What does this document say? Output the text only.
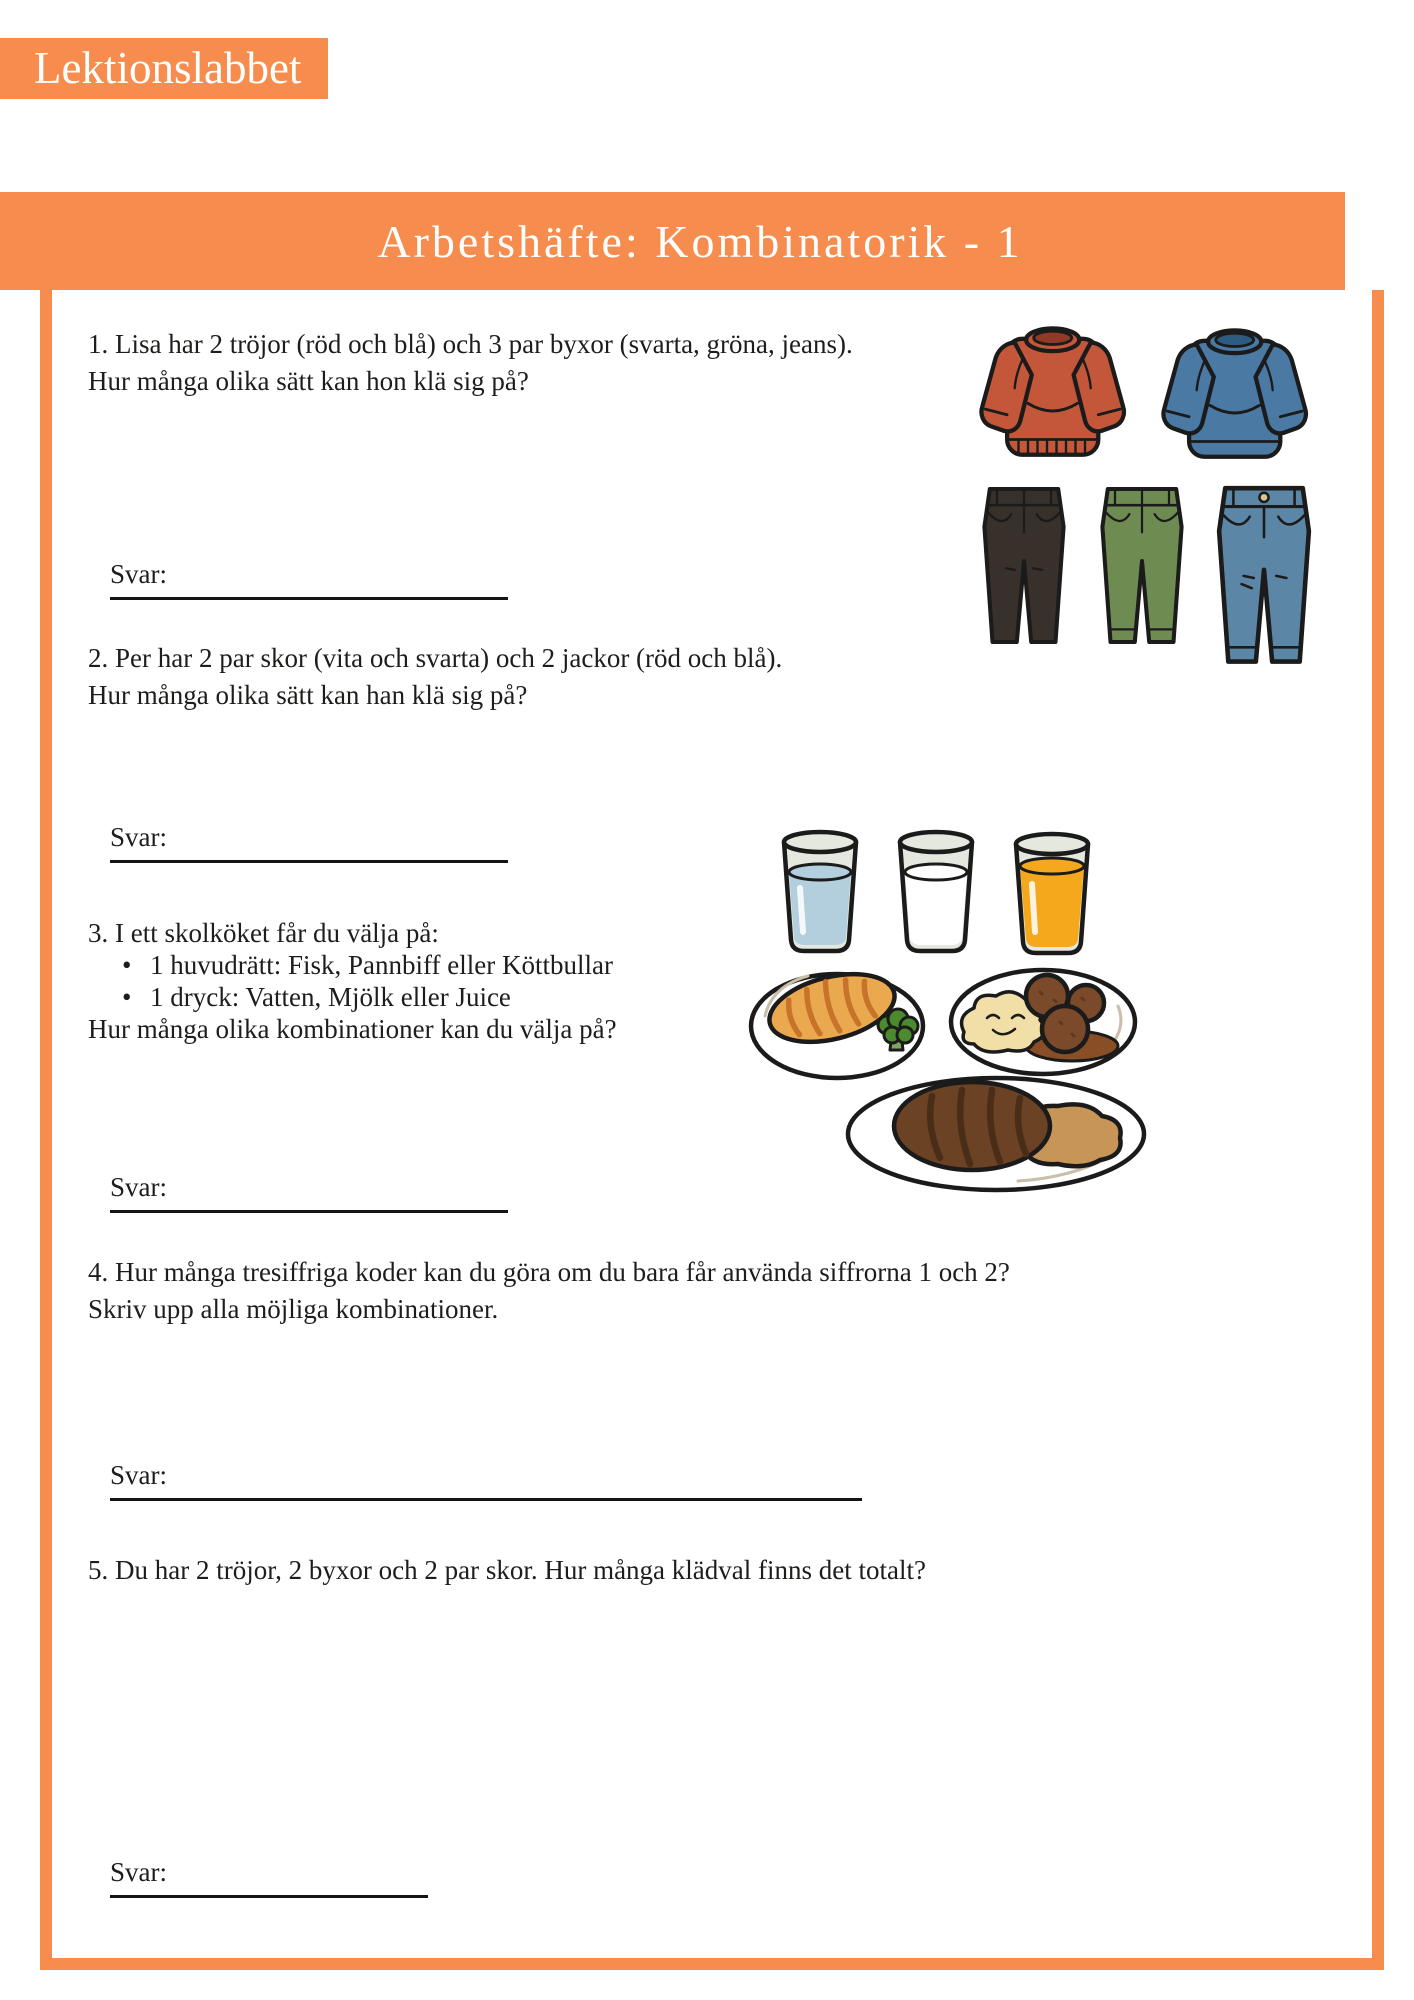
Lektionslabbet
Arbetshäfte: Kombinatorik - 1
1. Lisa har 2 tröjor (röd och blå) och 3 par byxor (svarta, gröna, jeans).
Hur många olika sätt kan hon klä sig på?
Svar:
2. Per har 2 par skor (vita och svarta) och 2 jackor (röd och blå).
Hur många olika sätt kan han klä sig på?
Svar:
3. I ett skolköket får du välja på:
• 1 huvudrätt: Fisk, Pannbiff eller Köttbullar
• 1 dryck: Vatten, Mjölk eller Juice
Hur många olika kombinationer kan du välja på?
Svar:
4. Hur många tresiffriga koder kan du göra om du bara får använda siffrorna 1 och 2?
Skriv upp alla möjliga kombinationer.
Svar:
5. Du har 2 tröjor, 2 byxor och 2 par skor. Hur många klädval finns det totalt?
Svar:
